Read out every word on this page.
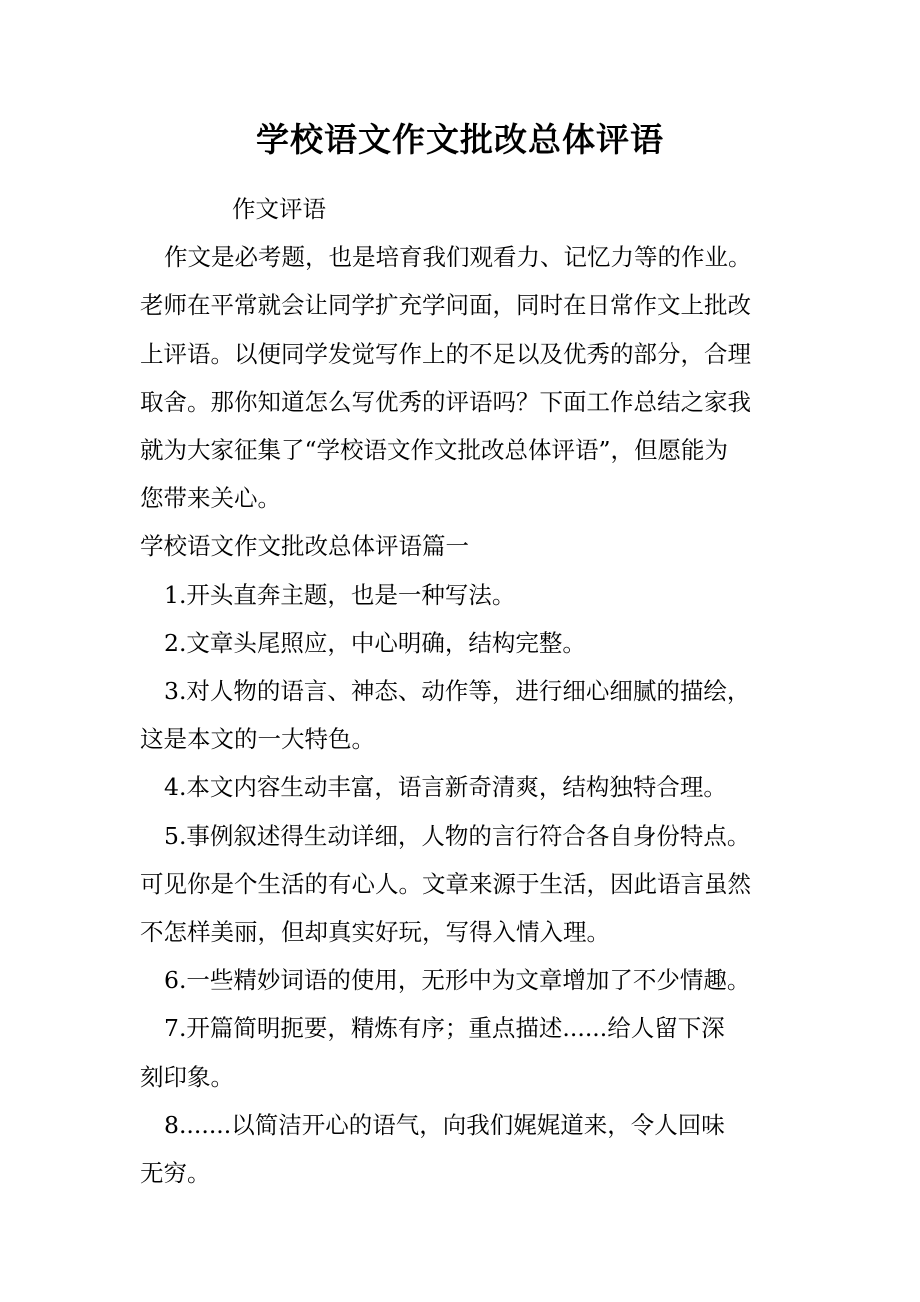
学校语文作文批改总体评语

作文评语

作文是必考题，也是培育我们观看力、记忆力等的作业。

老师在平常就会让同学扩充学问面，同时在日常作文上批改

上评语。以便同学发觉写作上的不足以及优秀的部分，合理

取舍。那你知道怎么写优秀的评语吗？下面工作总结之家我

就为大家征集了“学校语文作文批改总体评语”，但愿能为

您带来关心。

学校语文作文批改总体评语篇一

1.开头直奔主题，也是一种写法。

2.文章头尾照应，中心明确，结构完整。

3.对人物的语言、神态、动作等，进行细心细腻的描绘，

这是本文的一大特色。

4.本文内容生动丰富，语言新奇清爽，结构独特合理。

5.事例叙述得生动详细，人物的言行符合各自身份特点。

可见你是个生活的有心人。文章来源于生活，因此语言虽然

不怎样美丽，但却真实好玩，写得入情入理。

6.一些精妙词语的使用，无形中为文章增加了不少情趣。

7.开篇简明扼要，精炼有序；重点描述......给人留下深

刻印象。

8.......以简洁开心的语气，向我们娓娓道来，令人回味

无穷。
